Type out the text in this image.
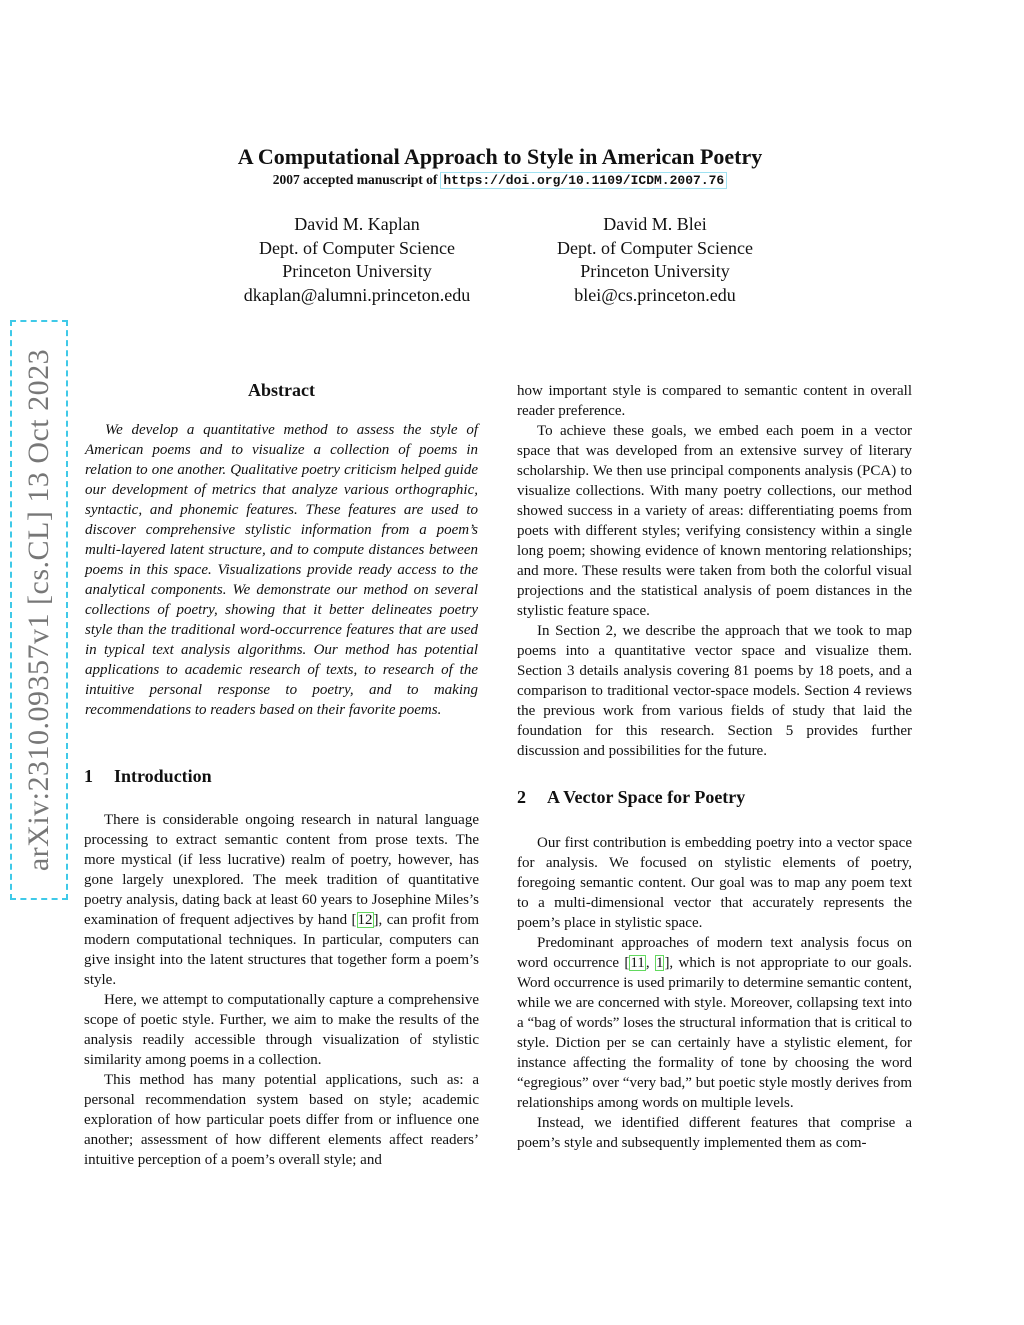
arXiv:2310.09357v1 [cs.CL] 13 Oct 2023
A Computational Approach to Style in American Poetry
2007 accepted manuscript of https://doi.org/10.1109/ICDM.2007.76
David M. Kaplan
Dept. of Computer Science
Princeton University
dkaplan@alumni.princeton.edu
David M. Blei
Dept. of Computer Science
Princeton University
blei@cs.princeton.edu
Abstract

We develop a quantitative method to assess the style of American poems and to visualize a collection of poems in relation to one another. Qualitative poetry criticism helped guide our development of metrics that analyze various orthographic, syntactic, and phonemic features. These features are used to discover comprehensive stylistic information from a poem’s multi-layered latent structure, and to compute distances between poems in this space. Visualizations provide ready access to the analytical components. We demonstrate our method on several collections of poetry, showing that it better delineates poetry style than the traditional word-occurrence features that are used in typical text analysis algorithms. Our method has potential applications to academic research of texts, to research of the intuitive personal response to poetry, and to making recommendations to readers based on their favorite poems.

1	Introduction

There is considerable ongoing research in natural language processing to extract semantic content from prose texts. The more mystical (if less lucrative) realm of poetry, however, has gone largely unexplored. The meek tradition of quantitative poetry analysis, dating back at least 60 years to Josephine Miles’s examination of frequent adjectives by hand [12], can profit from modern computational techniques. In particular, computers can give insight into the latent structures that together form a poem’s style.

Here, we attempt to computationally capture a comprehensive scope of poetic style. Further, we aim to make the results of the analysis readily accessible through visualization of stylistic similarity among poems in a collection.

This method has many potential applications, such as: a personal recommendation system based on style; academic exploration of how particular poets differ from or influence one another; assessment of how different elements affect readers’ intuitive perception of a poem’s overall style; and

how important style is compared to semantic content in overall reader preference.

To achieve these goals, we embed each poem in a vector space that was developed from an extensive survey of literary scholarship. We then use principal components analysis (PCA) to visualize collections. With many poetry collections, our method showed success in a variety of areas: differentiating poems from poets with different styles; verifying consistency within a single long poem; showing evidence of known mentoring relationships; and more. These results were taken from both the colorful visual projections and the statistical analysis of poem distances in the stylistic feature space.

In Section 2, we describe the approach that we took to map poems into a quantitative vector space and visualize them. Section 3 details analysis covering 81 poems by 18 poets, and a comparison to traditional vector-space models. Section 4 reviews the previous work from various fields of study that laid the foundation for this research. Section 5 provides further discussion and possibilities for the future.

2	A Vector Space for Poetry

Our first contribution is embedding poetry into a vector space for analysis. We focused on stylistic elements of poetry, foregoing semantic content. Our goal was to map any poem text to a multi-dimensional vector that accurately represents the poem’s place in stylistic space.

Predominant approaches of modern text analysis focus on word occurrence [11, 1], which is not appropriate to our goals. Word occurrence is used primarily to determine semantic content, while we are concerned with style. Moreover, collapsing text into a “bag of words” loses the structural information that is critical to style. Diction per se can certainly have a stylistic element, for instance affecting the formality of tone by choosing the word “egregious” over “very bad,” but poetic style mostly derives from relationships among words on multiple levels.

Instead, we identified different features that comprise a poem’s style and subsequently implemented them as com-
